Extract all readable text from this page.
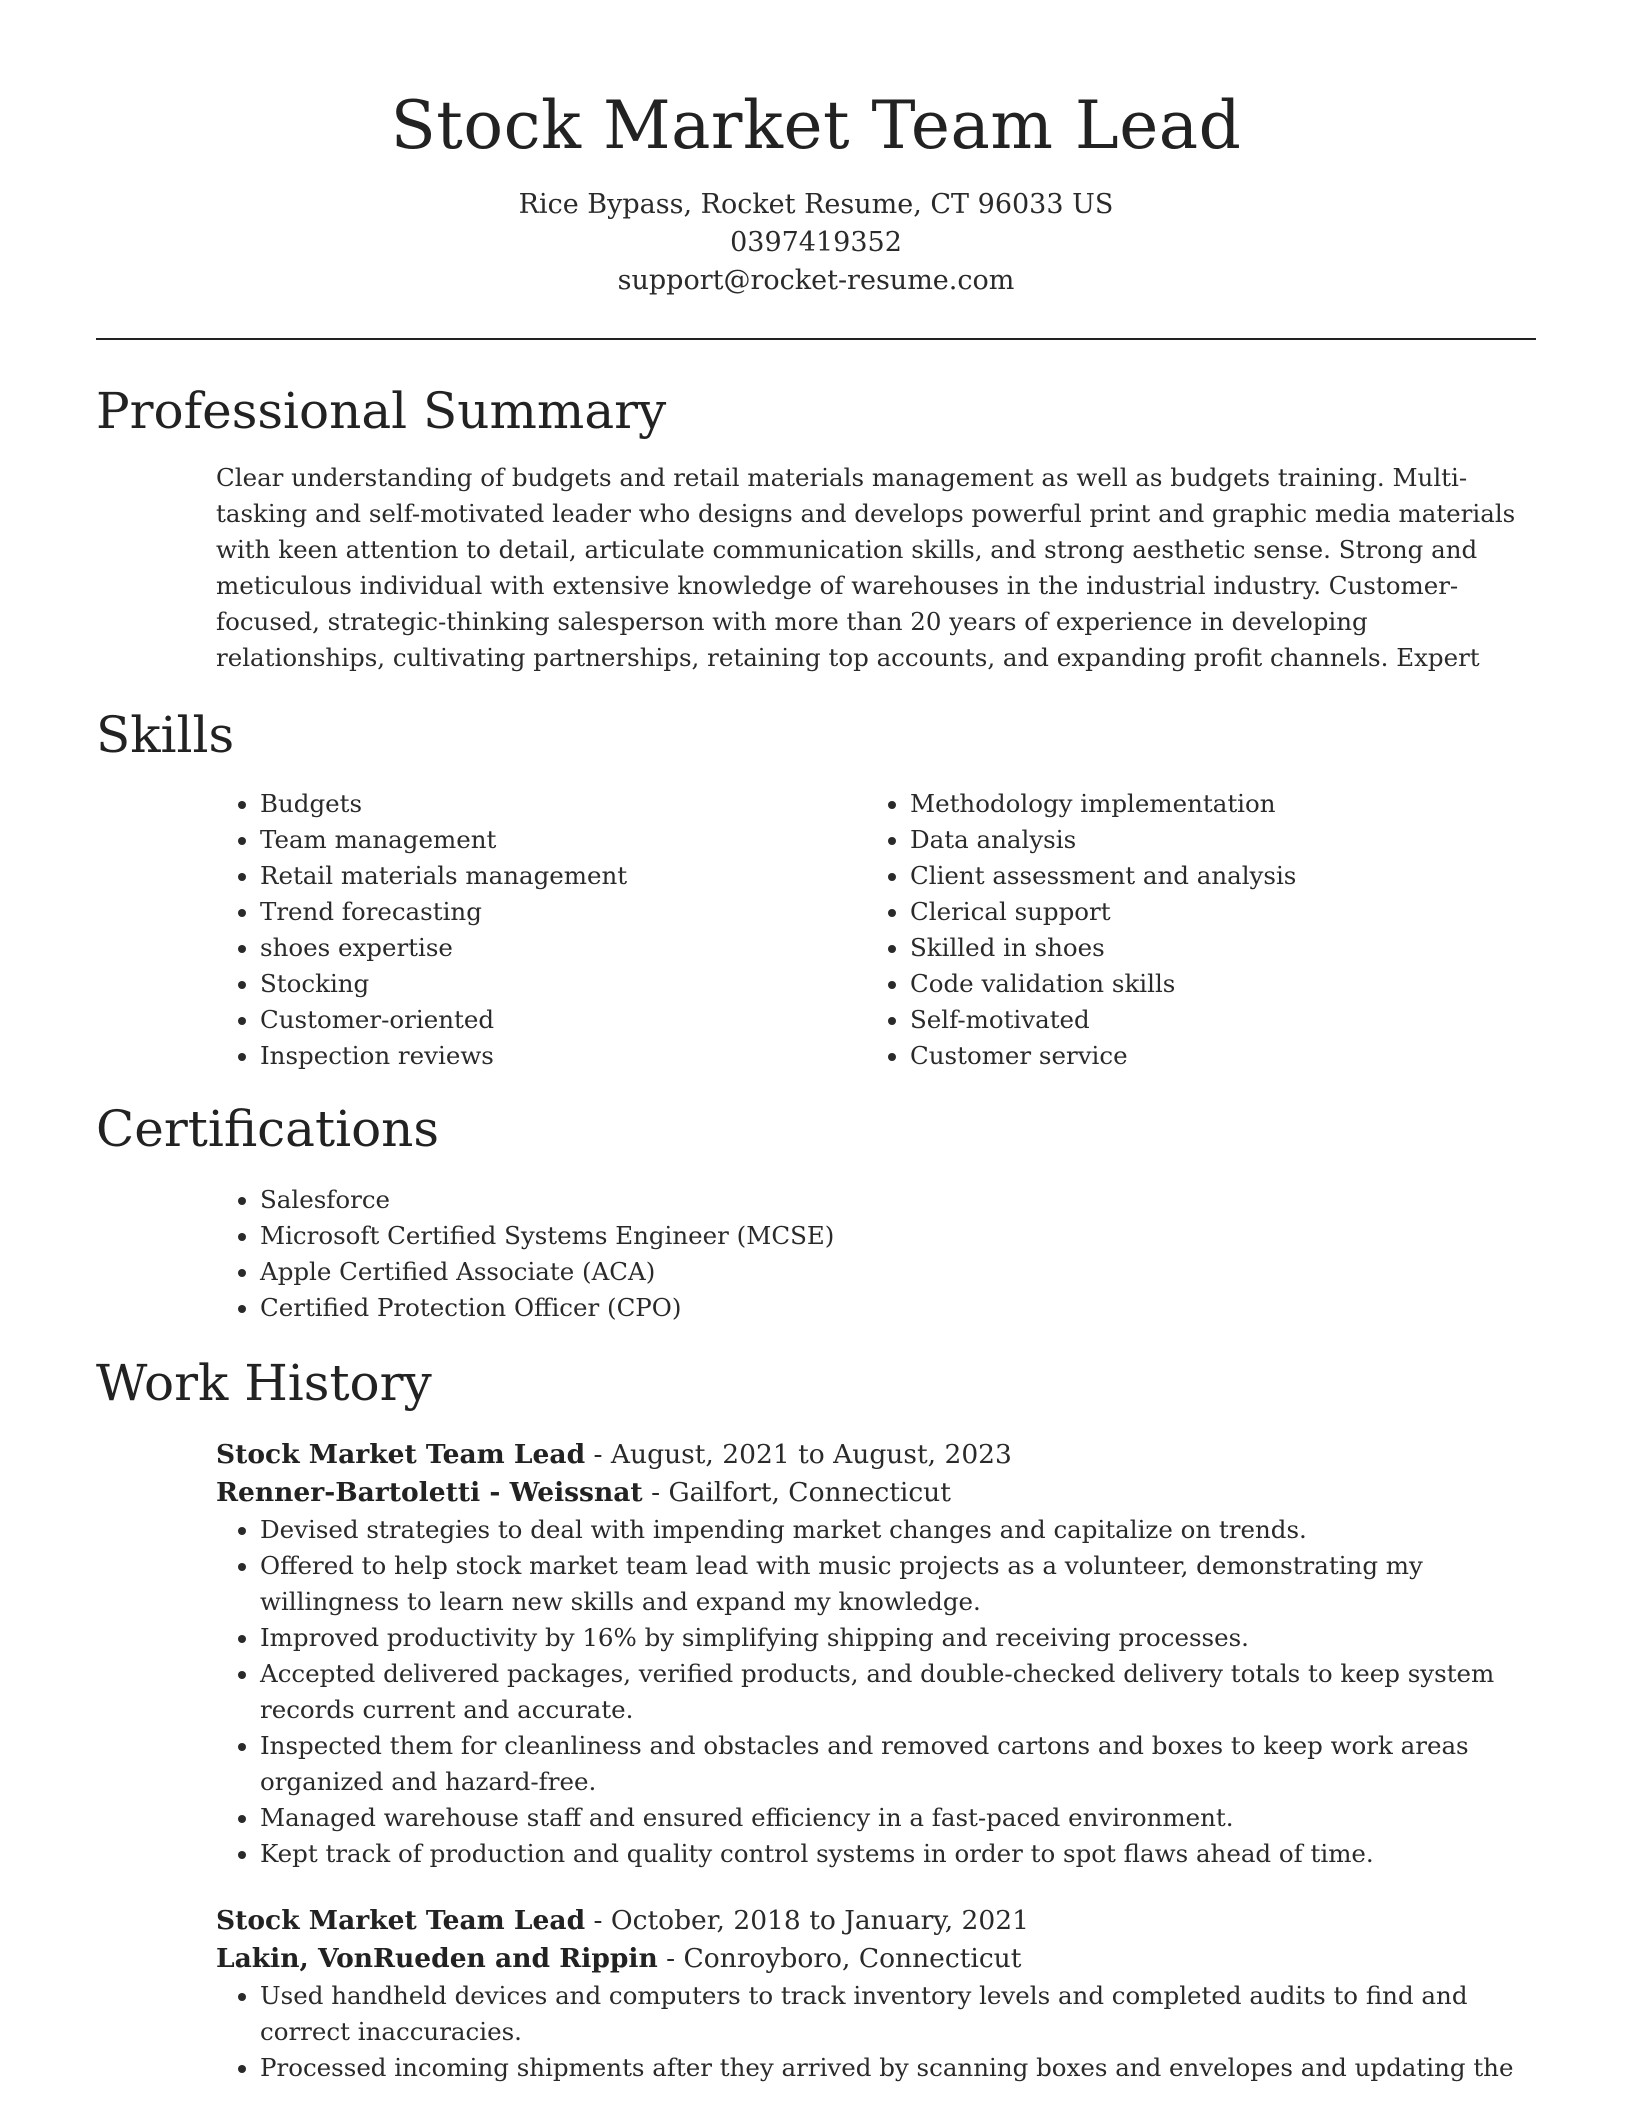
Stock Market Team Lead
Rice Bypass, Rocket Resume, CT 96033 US
0397419352
support@rocket-resume.com
Professional Summary
Clear understanding of budgets and retail materials management as well as budgets training. Multi-tasking and self-motivated leader who designs and develops powerful print and graphic media materials with keen attention to detail, articulate communication skills, and strong aesthetic sense. Strong and meticulous individual with extensive knowledge of warehouses in the industrial industry. Customer-focused, strategic-thinking salesperson with more than 20 years of experience in developing relationships, cultivating partnerships, retaining top accounts, and expanding profit channels. Expert
Skills
• Budgets
• Team management
• Retail materials management
• Trend forecasting
• shoes expertise
• Stocking
• Customer-oriented
• Inspection reviews
• Methodology implementation
• Data analysis
• Client assessment and analysis
• Clerical support
• Skilled in shoes
• Code validation skills
• Self-motivated
• Customer service
Certifications
• Salesforce
• Microsoft Certified Systems Engineer (MCSE)
• Apple Certified Associate (ACA)
• Certified Protection Officer (CPO)
Work History
Stock Market Team Lead - August, 2021 to August, 2023
Renner-Bartoletti - Weissnat - Gailfort, Connecticut
• Devised strategies to deal with impending market changes and capitalize on trends.
• Offered to help stock market team lead with music projects as a volunteer, demonstrating my willingness to learn new skills and expand my knowledge.
• Improved productivity by 16% by simplifying shipping and receiving processes.
• Accepted delivered packages, verified products, and double-checked delivery totals to keep system records current and accurate.
• Inspected them for cleanliness and obstacles and removed cartons and boxes to keep work areas organized and hazard-free.
• Managed warehouse staff and ensured efficiency in a fast-paced environment.
• Kept track of production and quality control systems in order to spot flaws ahead of time.
Stock Market Team Lead - October, 2018 to January, 2021
Lakin, VonRueden and Rippin - Conroyboro, Connecticut
• Used handheld devices and computers to track inventory levels and completed audits to find and correct inaccuracies.
• Processed incoming shipments after they arrived by scanning boxes and envelopes and updating the
